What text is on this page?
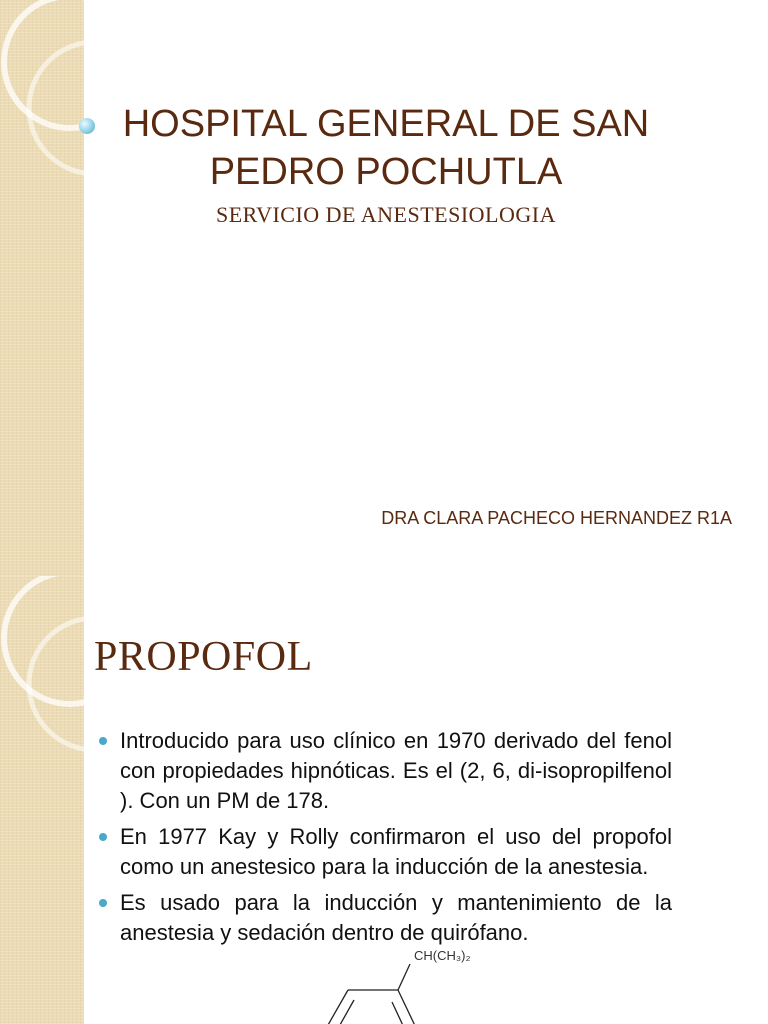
HOSPITAL GENERAL DE SAN PEDRO POCHUTLA
SERVICIO DE ANESTESIOLOGIA
DRA CLARA PACHECO HERNANDEZ R1A
PROPOFOL
Introducido para uso clínico en 1970 derivado del fenol con propiedades hipnóticas. Es el (2, 6, di-isopropilfenol ). Con un PM de 178.
En 1977 Kay y Rolly confirmaron el uso del propofol como un anestesico para la inducción de la anestesia.
Es usado para la inducción y mantenimiento de la anestesia y sedación dentro de quirófano.
CH(CH₃)₂
